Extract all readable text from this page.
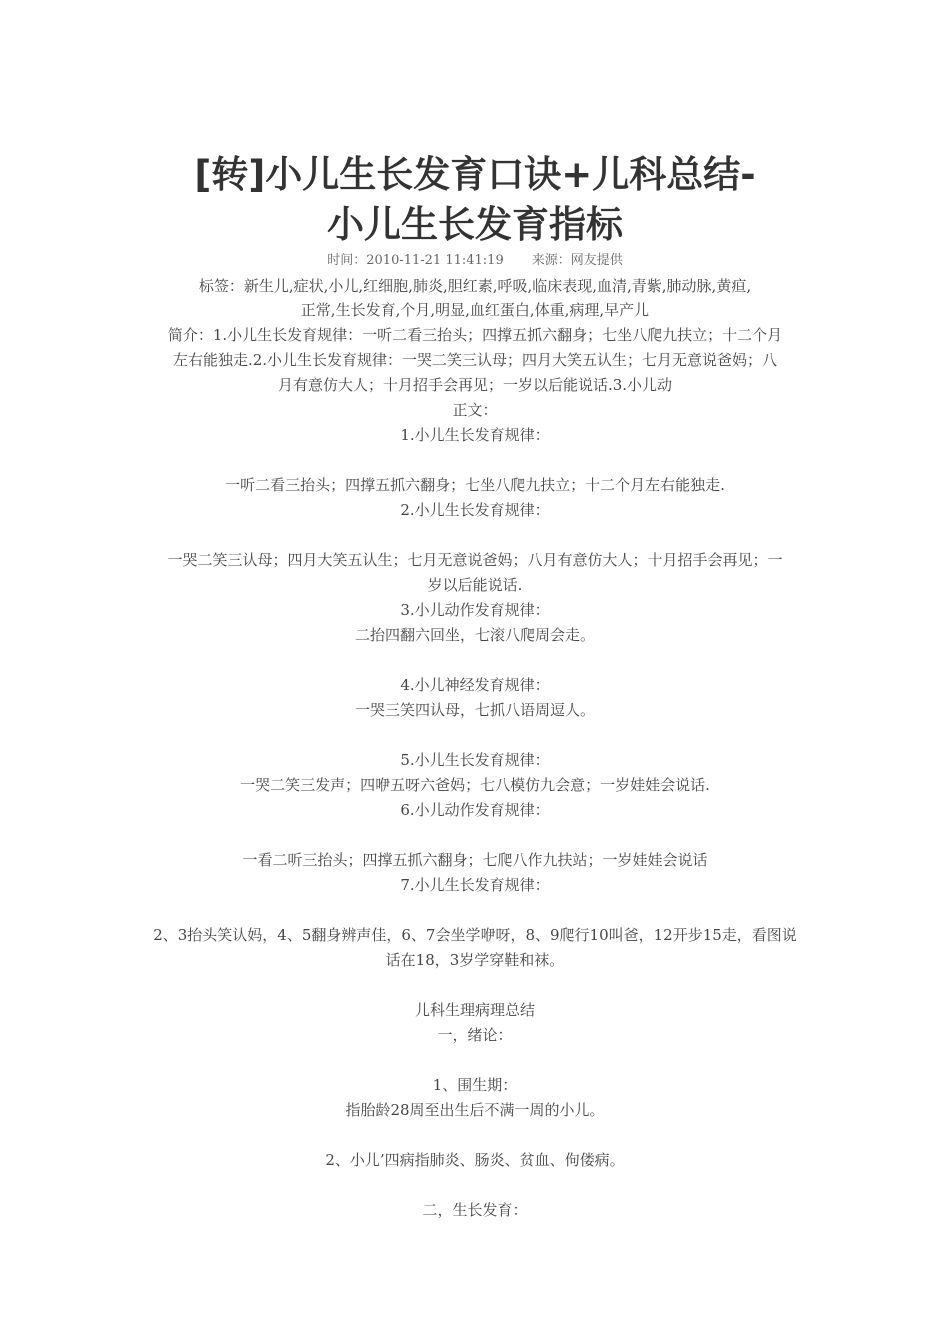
[转]小儿生长发育口诀+儿科总结-
小儿生长发育指标
时间：2010-11-21 11:41:19 来源：网友提供
标签：新生儿,症状,小儿,红细胞,肺炎,胆红素,呼吸,临床表现,血清,青紫,肺动脉,黄疸,
正常,生长发育,个月,明显,血红蛋白,体重,病理,早产儿
简介：1.小儿生长发育规律：一听二看三抬头；四撑五抓六翻身；七坐八爬九扶立；十二个月
左右能独走.2.小儿生长发育规律：一哭二笑三认母；四月大笑五认生；七月无意说爸妈；八
月有意仿大人；十月招手会再见；一岁以后能说话.3.小儿动
正文：
1.小儿生长发育规律：
一听二看三抬头；四撑五抓六翻身；七坐八爬九扶立；十二个月左右能独走.
2.小儿生长发育规律：
一哭二笑三认母；四月大笑五认生；七月无意说爸妈；八月有意仿大人；十月招手会再见；一
岁以后能说话.
3.小儿动作发育规律：
二抬四翻六回坐，七滚八爬周会走。
4.小儿神经发育规律：
一哭三笑四认母，七抓八语周逗人。
5.小儿生长发育规律：
一哭二笑三发声；四咿五呀六爸妈；七八模仿九会意；一岁娃娃会说话.
6.小儿动作发育规律：
一看二听三抬头；四撑五抓六翻身；七爬八作九扶站；一岁娃娃会说话
7.小儿生长发育规律：
2、3抬头笑认妈，4、5翻身辨声佳，6、7会坐学咿呀，8、9爬行10叫爸，12开步15走，看图说
话在18，3岁学穿鞋和袜。
儿科生理病理总结
一，绪论：
1、围生期：
指胎龄28周至出生后不满一周的小儿。
2、小儿’四病指肺炎、肠炎、贫血、佝偻病。
二，生长发育：
